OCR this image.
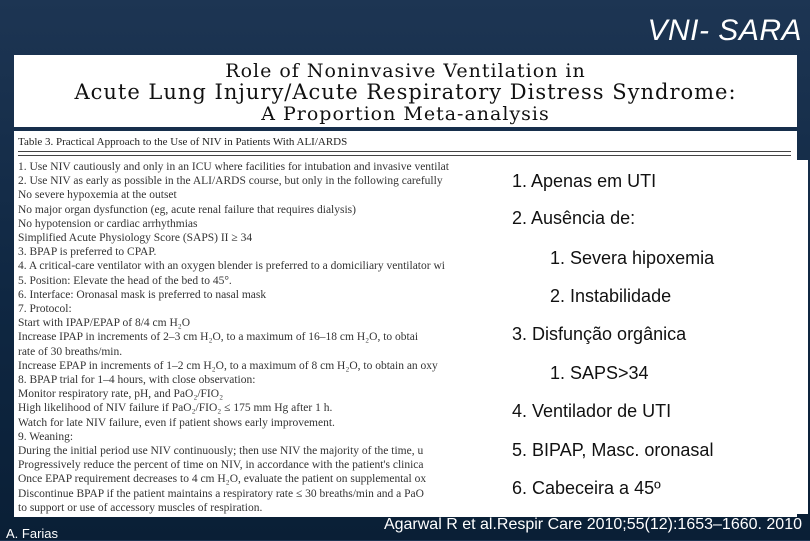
VNI- SARA
Role of Noninvasive Ventilation in
Acute Lung Injury/Acute Respiratory Distress Syndrome:
A Proportion Meta-analysis
Table 3. Practical Approach to the Use of NIV in Patients With ALI/ARDS
1. Use NIV cautiously and only in an ICU where facilities for intubation and invasive ventilat
2. Use NIV as early as possible in the ALI/ARDS course, but only in the following carefully
No severe hypoxemia at the outset
No major organ dysfunction (eg, acute renal failure that requires dialysis)
No hypotension or cardiac arrhythmias
Simplified Acute Physiology Score (SAPS) II ≥ 34
3. BPAP is preferred to CPAP.
4. A critical-care ventilator with an oxygen blender is preferred to a domiciliary ventilator wi
5. Position: Elevate the head of the bed to 45°.
6. Interface: Oronasal mask is preferred to nasal mask
7. Protocol:
Start with IPAP/EPAP of 8/4 cm H₂O
Increase IPAP in increments of 2–3 cm H₂O, to a maximum of 16–18 cm H₂O, to obtai
rate of 30 breaths/min.
Increase EPAP in increments of 1–2 cm H₂O, to a maximum of 8 cm H₂O, to obtain an oxy
8. BPAP trial for 1–4 hours, with close observation:
Monitor respiratory rate, pH, and PaO₂/FIO₂
High likelihood of NIV failure if PaO₂/FIO₂ ≤ 175 mm Hg after 1 h.
Watch for late NIV failure, even if patient shows early improvement.
9. Weaning:
During the initial period use NIV continuously; then use NIV the majority of the time, u
Progressively reduce the percent of time on NIV, in accordance with the patient's clinica
Once EPAP requirement decreases to 4 cm H₂O, evaluate the patient on supplemental ox
Discontinue BPAP if the patient maintains a respiratory rate ≤ 30 breaths/min and a PaO
to support or use of accessory muscles of respiration.
1. Apenas em UTI
2. Ausência de:
1. Severa hipoxemia
2. Instabilidade
3. Disfunção orgânica
1. SAPS>34
4. Ventilador de UTI
5. BIPAP, Masc. oronasal
6. Cabeceira a 45º
A. Farias
Agarwal R et al.Respir Care 2010;55(12):1653–1660. 2010
